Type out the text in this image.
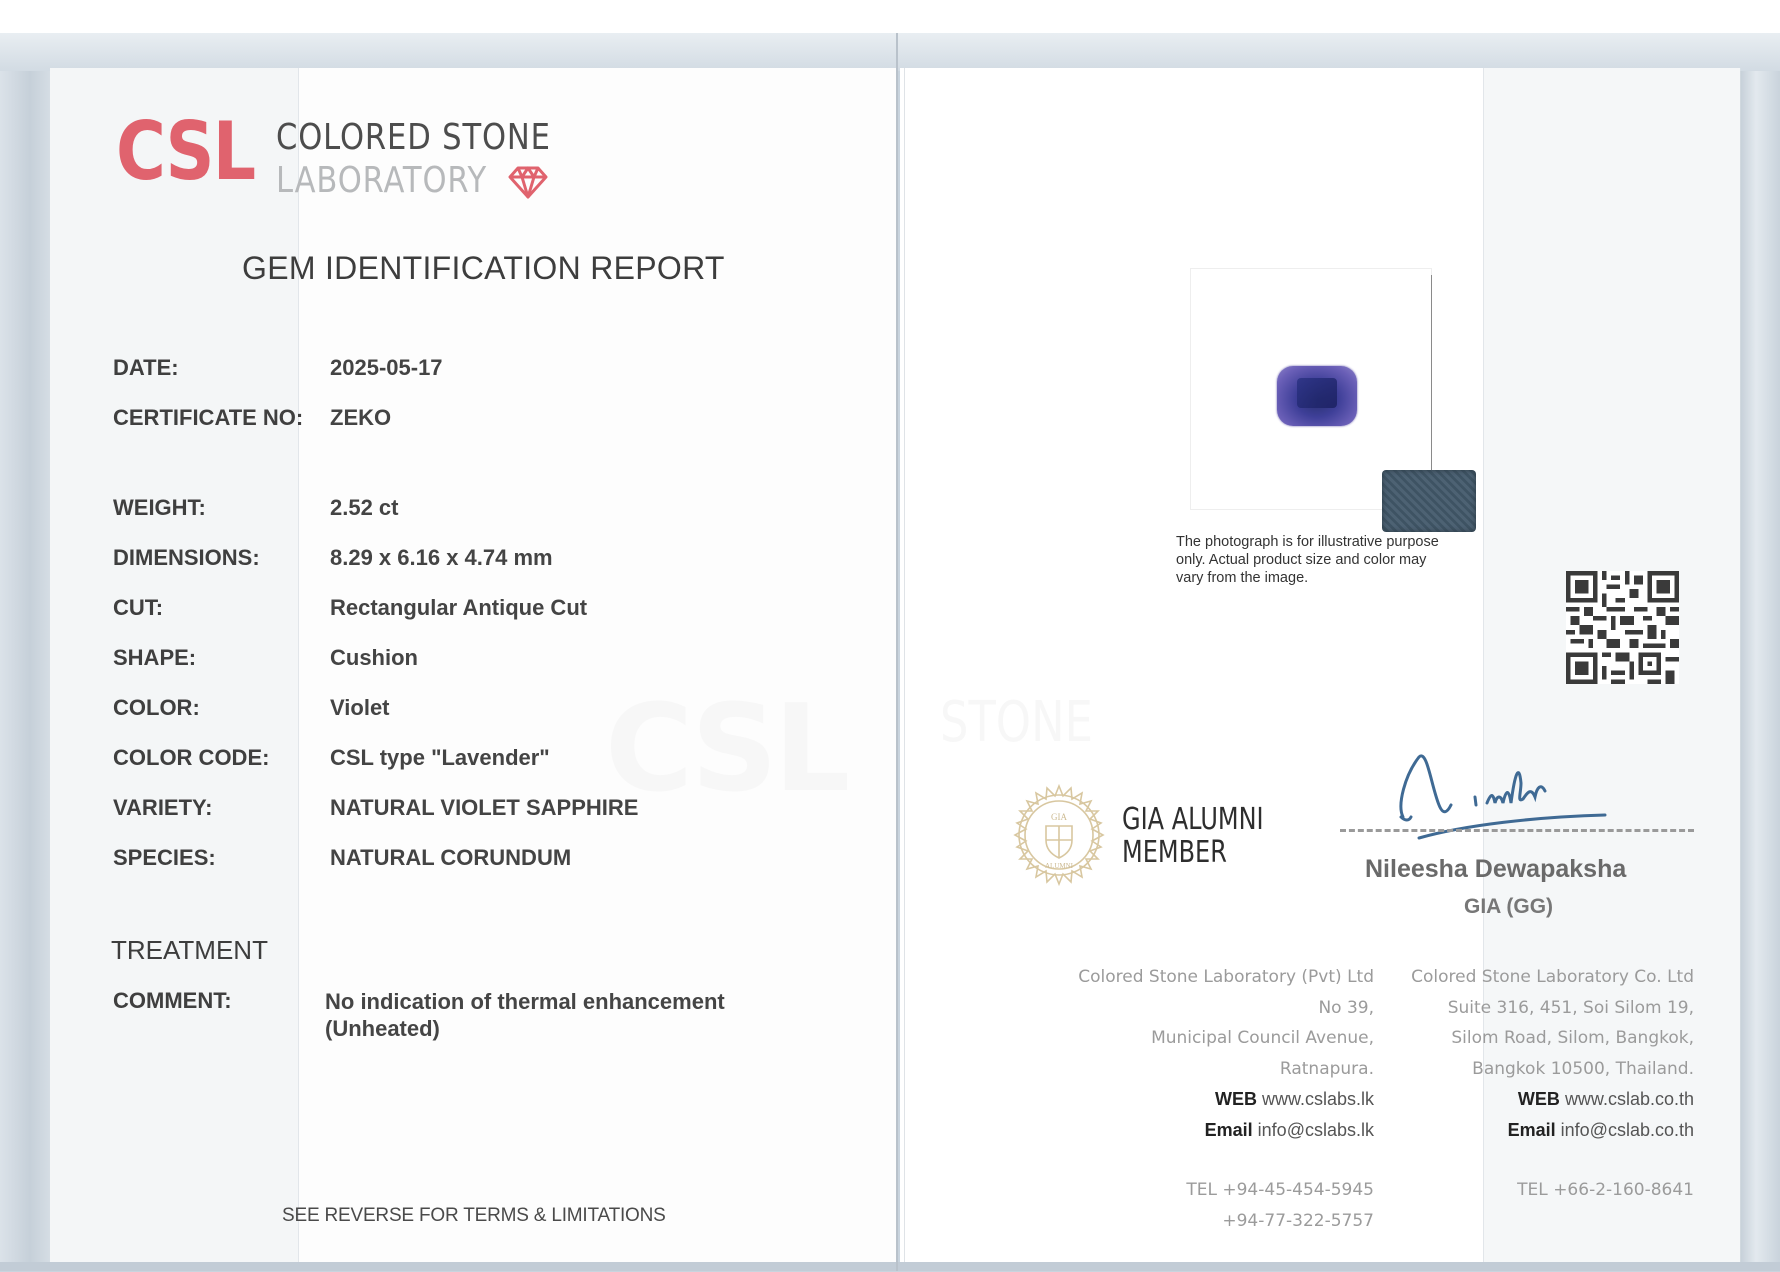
CSL STONE
CSL COLORED STONE
LABORATORY
GEM IDENTIFICATION REPORT
DATE:	2025-05-17
CERTIFICATE NO: ZEKO
WEIGHT:	2.52 ct
DIMENSIONS:	8.29 x 6.16 x 4.74 mm
CUT:	Rectangular Antique Cut
SHAPE:	Cushion
COLOR:	Violet
COLOR CODE:	CSL type "Lavender"
VARIETY:	NATURAL VIOLET SAPPHIRE
SPECIES:	NATURAL CORUNDUM
TREATMENT
COMMENT:	No indication of thermal enhancement
(Unheated)
SEE REVERSE FOR TERMS & LIMITATIONS
The photograph is for illustrative purpose
only. Actual product size and color may
vary from the image.
GIA
ALUMNI
GIA ALUMNI
MEMBER	Nileesha Dewapaksha
GIA (GG)
Colored Stone Laboratory (Pvt) Ltd
No 39,
Municipal Council Avenue,
Ratnapura.
WEB www.cslabs.lk
Email info@cslabs.lk
TEL +94-45-454-5945
+94-77-322-5757
Colored Stone Laboratory Co. Ltd
Suite 316, 451, Soi Silom 19,
Silom Road, Silom, Bangkok,
Bangkok 10500, Thailand.
WEB www.cslab.co.th
Email info@cslab.co.th
TEL +66-2-160-8641
